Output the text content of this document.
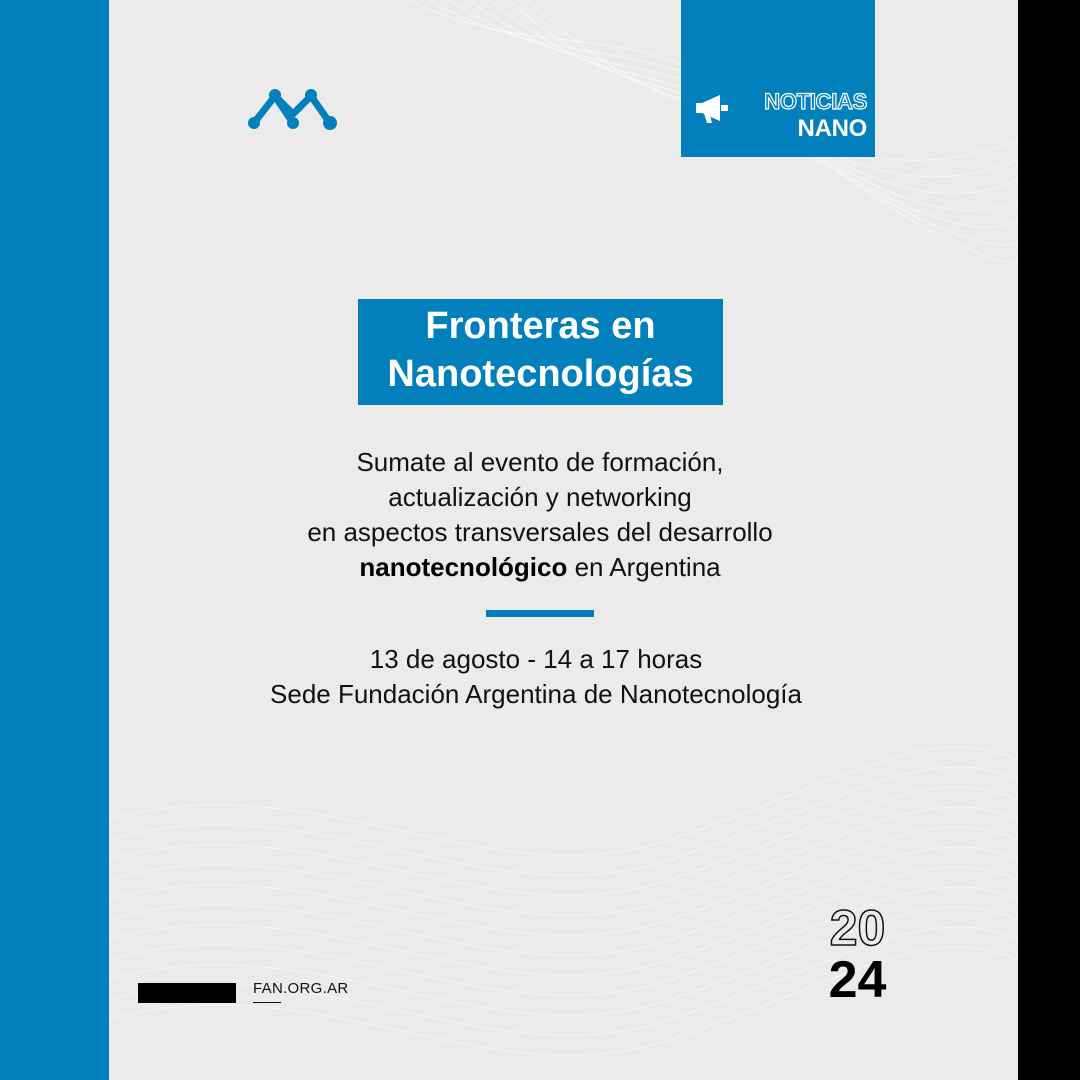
NOTICIAS
NANO
Fronteras en
Nanotecnologías
Sumate al evento de formación,
actualización y networking
en aspectos transversales del desarrollo
nanotecnológico en Argentina
13 de agosto - 14 a 17 horas
Sede Fundación Argentina de Nanotecnología
FAN.ORG.AR
20
24
